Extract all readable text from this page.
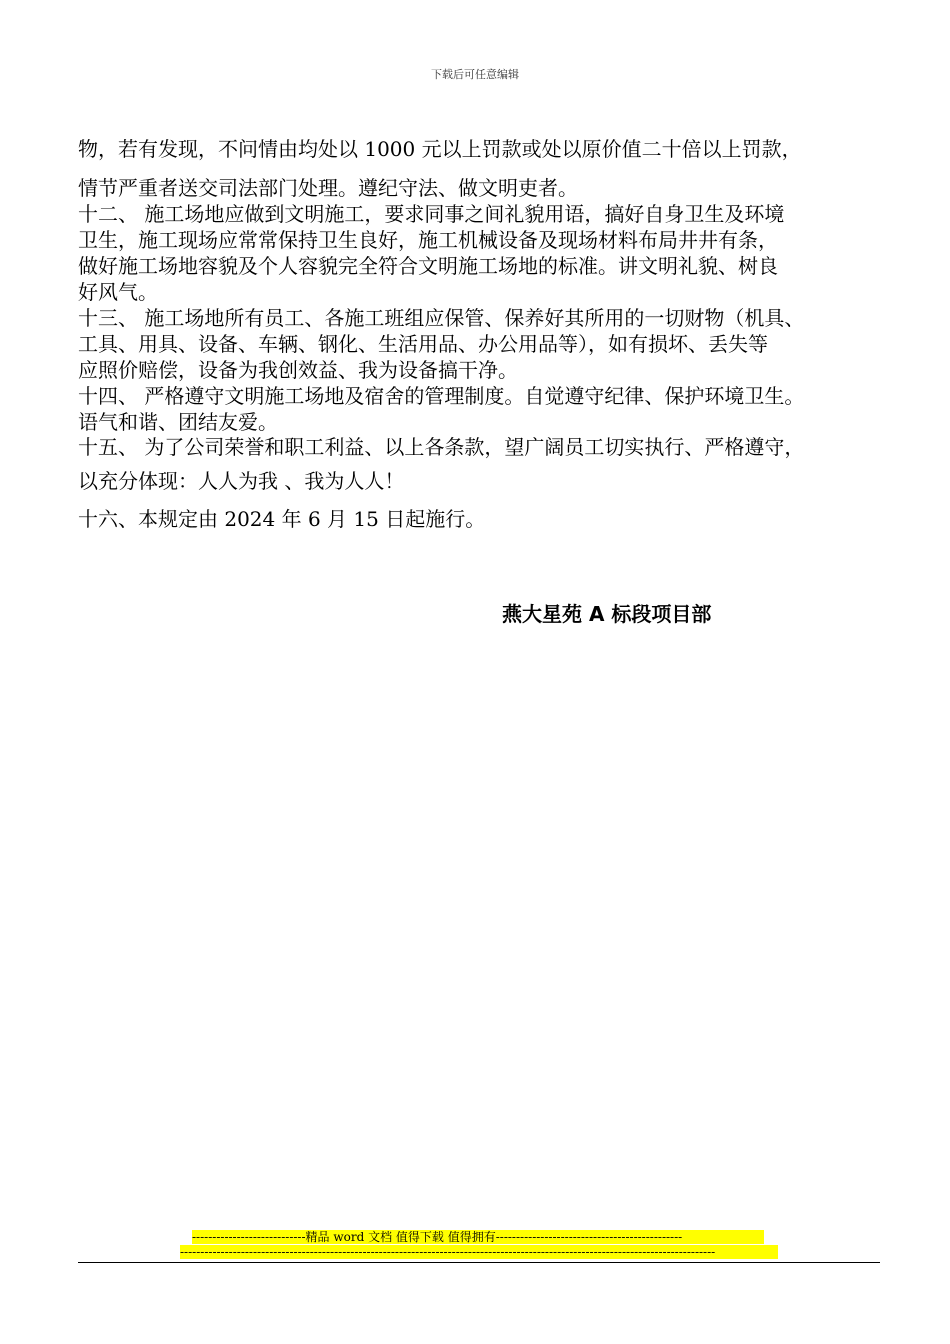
下载后可任意编辑
物，若有发现，不问情由均处以 1000 元以上罚款或处以原价值二十倍以上罚款，
情节严重者送交司法部门处理。遵纪守法、做文明吏者。
十二、 施工场地应做到文明施工，要求同事之间礼貌用语，搞好自身卫生及环境
卫生，施工现场应常常保持卫生良好，施工机械设备及现场材料布局井井有条，
做好施工场地容貌及个人容貌完全符合文明施工场地的标准。讲文明礼貌、树良
好风气。
十三、 施工场地所有员工、各施工班组应保管、保养好其所用的一切财物（机具、
工具、用具、设备、车辆、钢化、生活用品、办公用品等），如有损坏、丢失等
应照价赔偿，设备为我创效益、我为设备搞干净。
十四、 严格遵守文明施工场地及宿舍的管理制度。自觉遵守纪律、保护环境卫生。
语气和谐、团结友爱。
十五、 为了公司荣誉和职工利益、以上各条款，望广阔员工切实执行、严格遵守，
以充分体现：人人为我 、我为人人！
十六、本规定由 2024 年 6 月 15 日起施行。
燕大星苑 A 标段项目部
----------------------------精品 word 文档 值得下载 值得拥有----------------------------------------------
------------------------------------------------------------------------------------------------------------------------------------
